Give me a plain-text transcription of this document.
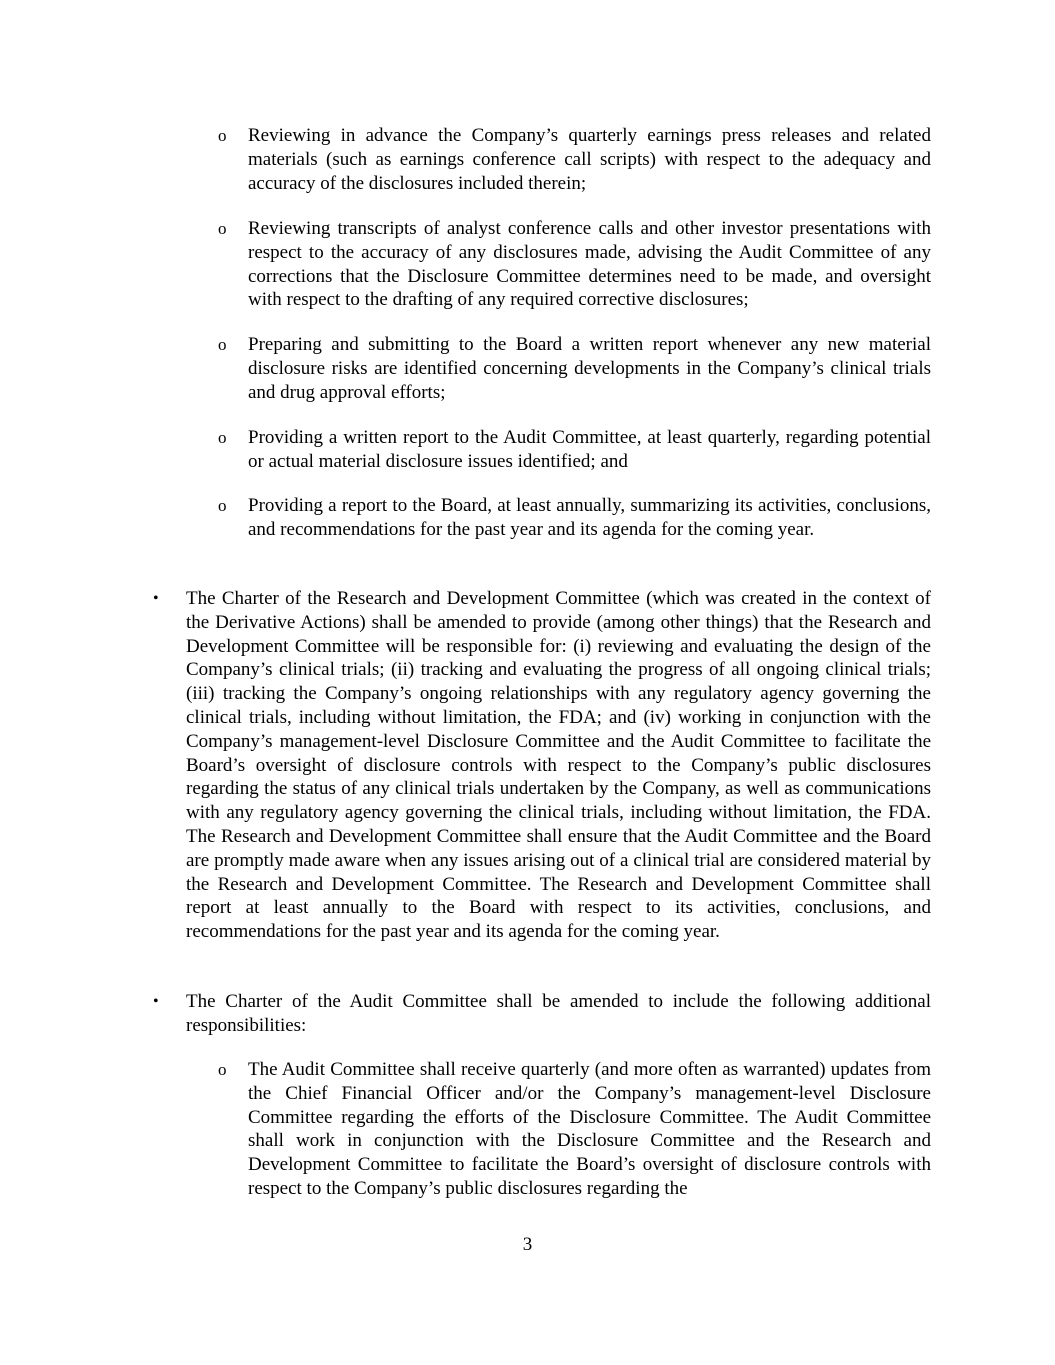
o Reviewing in advance the Company’s quarterly earnings press releases and related materials (such as earnings conference call scripts) with respect to the adequacy and accuracy of the disclosures included therein;

o Reviewing transcripts of analyst conference calls and other investor presentations with respect to the accuracy of any disclosures made, advising the Audit Committee of any corrections that the Disclosure Committee determines need to be made, and oversight with respect to the drafting of any required corrective disclosures;

o Preparing and submitting to the Board a written report whenever any new material disclosure risks are identified concerning developments in the Company’s clinical trials and drug approval efforts;

o Providing a written report to the Audit Committee, at least quarterly, regarding potential or actual material disclosure issues identified; and

o Providing a report to the Board, at least annually, summarizing its activities, conclusions, and recommendations for the past year and its agenda for the coming year.

• The Charter of the Research and Development Committee (which was created in the context of the Derivative Actions) shall be amended to provide (among other things) that the Research and Development Committee will be responsible for: (i) reviewing and evaluating the design of the Company’s clinical trials; (ii) tracking and evaluating the progress of all ongoing clinical trials; (iii) tracking the Company’s ongoing relationships with any regulatory agency governing the clinical trials, including without limitation, the FDA; and (iv) working in conjunction with the Company’s management-level Disclosure Committee and the Audit Committee to facilitate the Board’s oversight of disclosure controls with respect to the Company’s public disclosures regarding the status of any clinical trials undertaken by the Company, as well as communications with any regulatory agency governing the clinical trials, including without limitation, the FDA. The Research and Development Committee shall ensure that the Audit Committee and the Board are promptly made aware when any issues arising out of a clinical trial are considered material by the Research and Development Committee. The Research and Development Committee shall report at least annually to the Board with respect to its activities, conclusions, and recommendations for the past year and its agenda for the coming year.

• The Charter of the Audit Committee shall be amended to include the following additional responsibilities:

o The Audit Committee shall receive quarterly (and more often as warranted) updates from the Chief Financial Officer and/or the Company’s management-level Disclosure Committee regarding the efforts of the Disclosure Committee. The Audit Committee shall work in conjunction with the Disclosure Committee and the Research and Development Committee to facilitate the Board’s oversight of disclosure controls with respect to the Company’s public disclosures regarding the

3
